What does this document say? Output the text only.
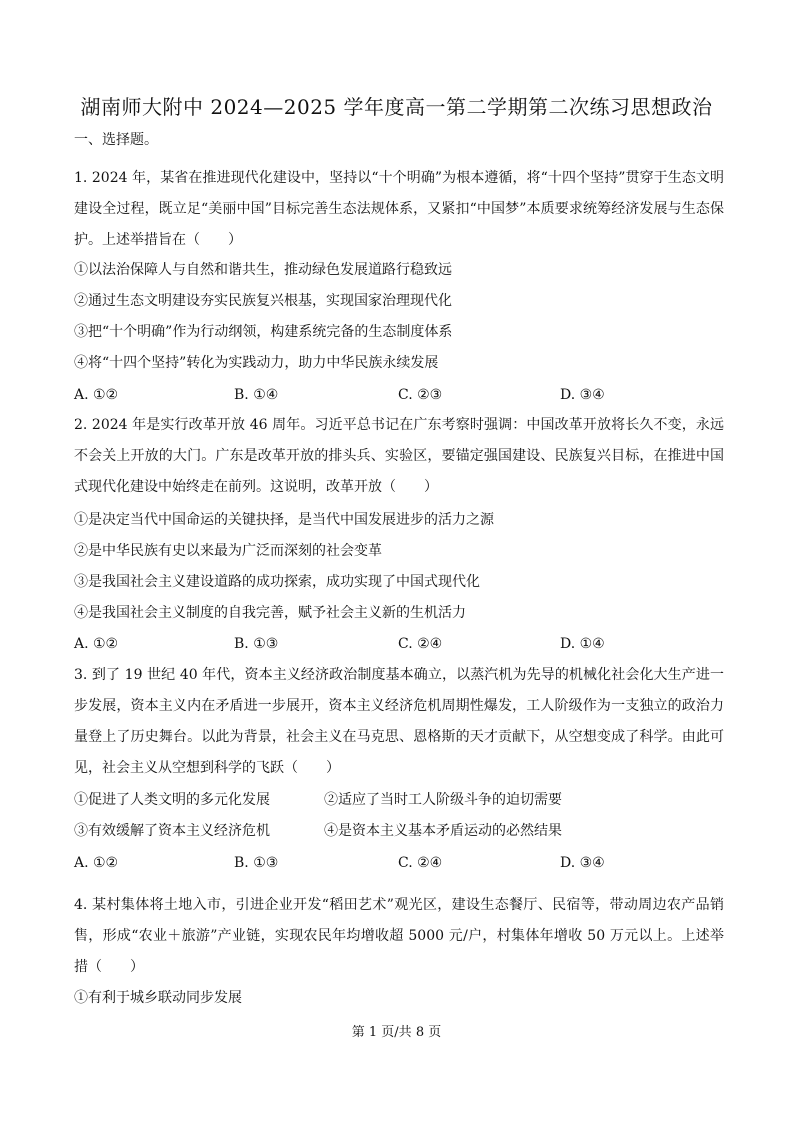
湖南师大附中 2024—2025 学年度高一第二学期第二次练习思想政治
一、选择题。
1. 2024 年，某省在推进现代化建设中，坚持以“十个明确”为根本遵循，将“十四个坚持”贯穿于生态文明建设全过程，既立足“美丽中国”目标完善生态法规体系，又紧扣“中国梦”本质要求统筹经济发展与生态保护。上述举措旨在（　　）
①以法治保障人与自然和谐共生，推动绿色发展道路行稳致远
②通过生态文明建设夯实民族复兴根基，实现国家治理现代化
③把“十个明确”作为行动纲领，构建系统完备的生态制度体系
④将“十四个坚持”转化为实践动力，助力中华民族永续发展
A. ①②	B. ①④	C. ②③	D. ③④
2. 2024 年是实行改革开放 46 周年。习近平总书记在广东考察时强调：中国改革开放将长久不变，永远不会关上开放的大门。广东是改革开放的排头兵、实验区，要锚定强国建设、民族复兴目标，在推进中国式现代化建设中始终走在前列。这说明，改革开放（　　）
①是决定当代中国命运的关键抉择，是当代中国发展进步的活力之源
②是中华民族有史以来最为广泛而深刻的社会变革
③是我国社会主义建设道路的成功探索，成功实现了中国式现代化
④是我国社会主义制度的自我完善，赋予社会主义新的生机活力
A. ①②	B. ①③	C. ②④	D. ①④
3. 到了 19 世纪 40 年代，资本主义经济政治制度基本确立，以蒸汽机为先导的机械化社会化大生产进一步发展，资本主义内在矛盾进一步展开，资本主义经济危机周期性爆发，工人阶级作为一支独立的政治力量登上了历史舞台。以此为背景，社会主义在马克思、恩格斯的天才贡献下，从空想变成了科学。由此可见，社会主义从空想到科学的飞跃（　　）
①促进了人类文明的多元化发展	②适应了当时工人阶级斗争的迫切需要
③有效缓解了资本主义经济危机	④是资本主义基本矛盾运动的必然结果
A. ①②	B. ①③	C. ②④	D. ③④
4. 某村集体将土地入市，引进企业开发“稻田艺术”观光区，建设生态餐厅、民宿等，带动周边农产品销售，形成“农业＋旅游”产业链，实现农民年均增收超 5000 元/户，村集体年增收 50 万元以上。上述举措（　　）
①有利于城乡联动同步发展
第 1 页/共 8 页
